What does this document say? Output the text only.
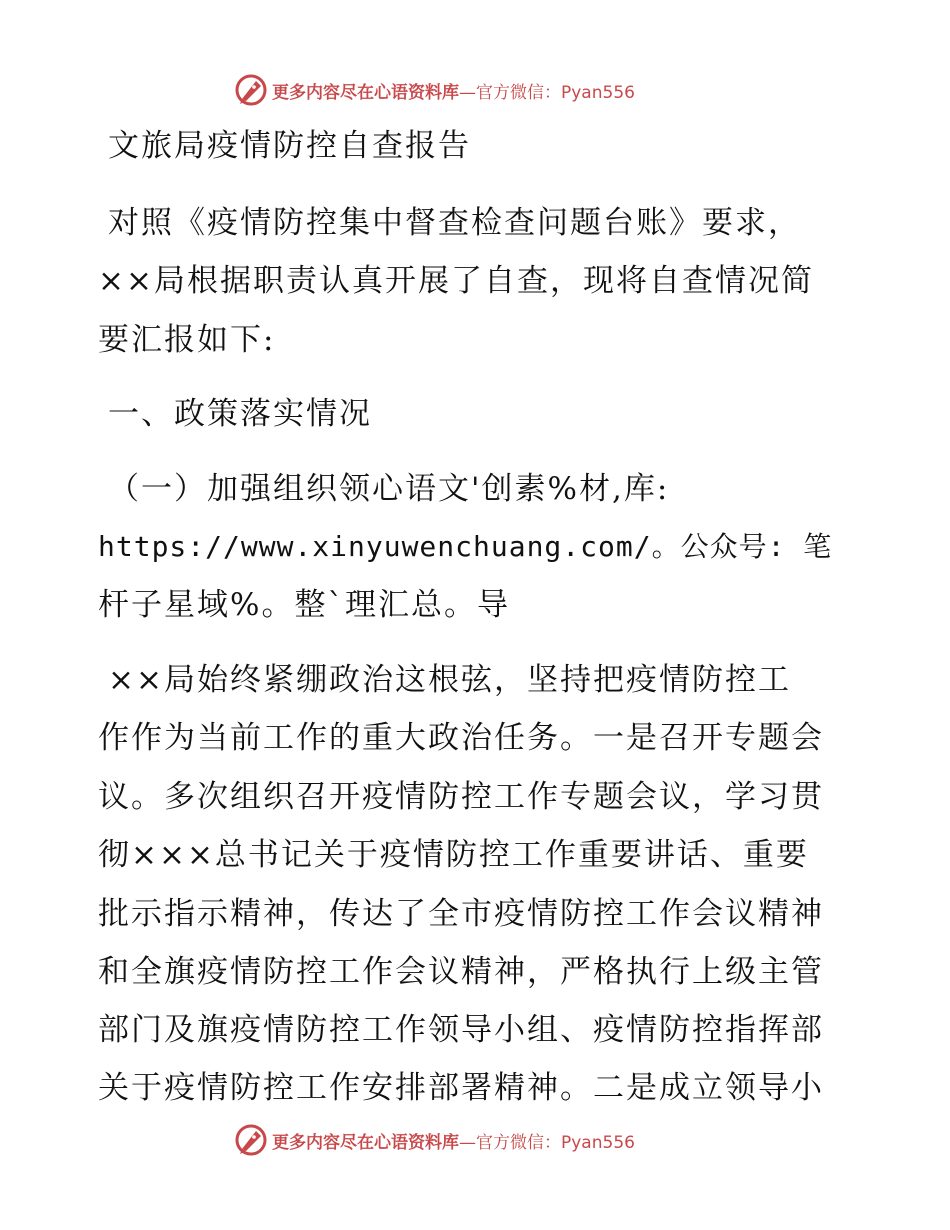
更多内容尽在心语资料库 —官方微信：Pyan556
文旅局疫情防控自查报告
对照《疫情防控集中督查检查问题台账》要求，
××局根据职责认真开展了自查，现将自查情况简
要汇报如下:
一、政策落实情况
（一）加强组织领心语文'创素%材,库:
https://www.xinyuwenchuang.com/。公众号: 笔
杆子星域%。整`理汇总。导
××局始终紧绷政治这根弦，坚持把疫情防控工
作作为当前工作的重大政治任务。一是召开专题会
议。多次组织召开疫情防控工作专题会议，学习贯
彻×××总书记关于疫情防控工作重要讲话、重要
批示指示精神，传达了全市疫情防控工作会议精神
和全旗疫情防控工作会议精神，严格执行上级主管
部门及旗疫情防控工作领导小组、疫情防控指挥部
关于疫情防控工作安排部署精神。二是成立领导小
更多内容尽在心语资料库 —官方微信：Pyan556
